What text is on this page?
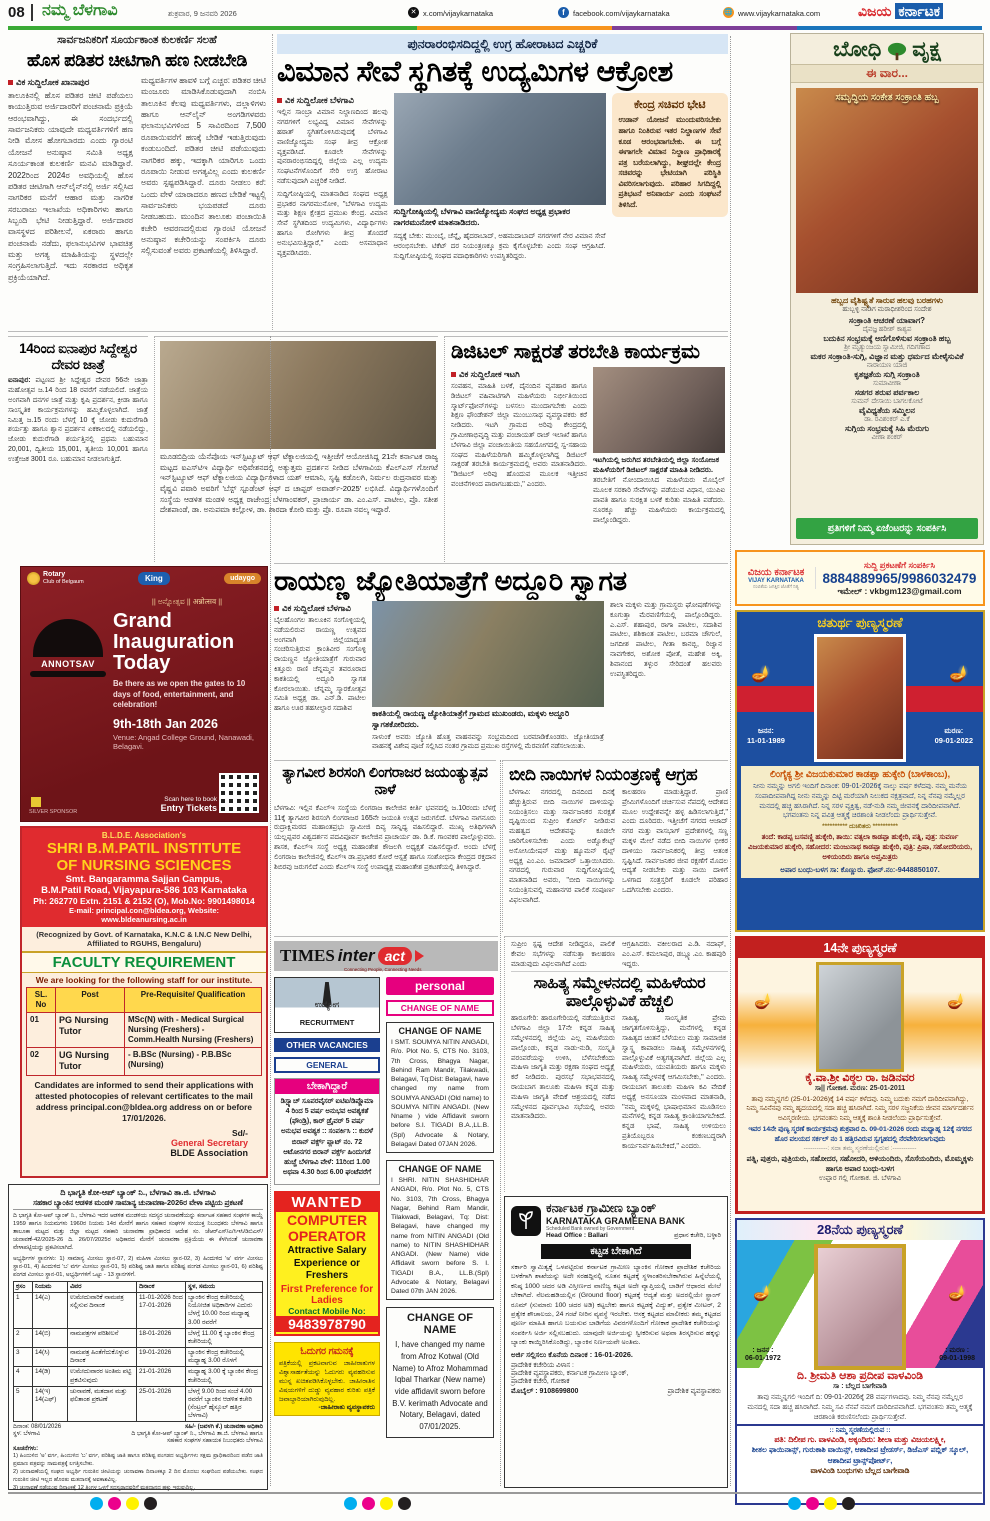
08	ನಮ್ಮ ಬೆಳಗಾವಿ	ಶುಕ್ರವಾರ, 9 ಜನವರಿ 2026	✕ x.com/vijaykarnataka	f	facebook.com/vijaykarnataka	🌐 www.vijaykarnataka.com	ವಿಜಯ ಕರ್ನಾಟಕ
ಸಾರ್ವಜನಿಕರಿಗೆ ಸೂರ್ಯಕಾಂತ ಕುಲಕರ್ಣಿ ಸಲಹೆ
ಹೊಸ ಪಡಿತರ ಚೀಟಿಗಾಗಿ ಹಣ ನೀಡಬೇಡಿ
ವಿಕ ಸುದ್ದಿಲೋಕ ಖಾನಾಪುರ
ತಾಲೂಕಿನಲ್ಲಿ ಹೊಸ ಪಡಿತರ ಚೀಟಿ ಪಡೆಯಲು ಕಾಯುತ್ತಿರುವ ಅರ್ಜಿದಾರರಿಗೆ ಪಂಚನಾಮೆ ಪ್ರಕ್ರಿಯೆ ಆರಂಭವಾಗಿದ್ದು, ಈ ಸಂದರ್ಭದಲ್ಲಿ ಸಾರ್ವಜನಿಕರು ಯಾವುದೇ ಮಧ್ಯವರ್ತಿಗಳಿಗೆ ಹಣ ನೀಡಿ ಮೋಸ ಹೋಗಬಾರದು ಎಂದು ಗ್ಯಾರಂಟಿ ಯೋಜನೆ ಅನುಷ್ಠಾನ ಸಮಿತಿ ಅಧ್ಯಕ್ಷ ಸೂರ್ಯಕಾಂತ ಕುಲಕರ್ಣಿ ಮನವಿ ಮಾಡಿದ್ದಾರೆ. 2022ರಿಂದ 2024ರ ಅವಧಿಯಲ್ಲಿ ಹೊಸ ಪಡಿತರ ಚೀಟಿಗಾಗಿ ಆನ್‌ಲೈನ್‌ನಲ್ಲಿ ಅರ್ಜಿ ಸಲ್ಲಿಸಿದ ನಾಗರಿಕರ ಮನೆಗೆ ಆಹಾರ ಮತ್ತು ನಾಗರಿಕ ಸರಬರಾಜು ಇಲಾಖೆಯ ಅಧಿಕಾರಿಗಳು ಹಾಗೂ ಸಿಬ್ಬಂದಿ ಭೇಟಿ ನೀಡುತ್ತಿದ್ದಾರೆ. ಅರ್ಜಿದಾರರ ವಾಸಸ್ಥಳದ ಪರಿಶೀಲನೆ, ಏಕರಾರು ಹಾಗೂ ಪಂಚನಾಮೆ ನಡೆದು, ಫಲಾನುಭವಿಗಳ ಭಾವಚಿತ್ರ ಮತ್ತು ಅಗತ್ಯ ಮಾಹಿತಿಯನ್ನು ಸ್ಥಳದಲ್ಲೇ ಸಂಗ್ರಹಿಸಲಾಗುತ್ತಿದೆ. ಇದು ಸರಕಾರದ ಅಧಿಕೃತ ಪ್ರಕ್ರಿಯೆಯಾಗಿದೆ.
ಮಧ್ಯವರ್ತಿಗಳ ಹಾವಳಿ ಬಗ್ಗೆ ಎಚ್ಚರ: ಪಡಿತರ ಚೀಟಿ ಮಂಜೂರು ಮಾಡಿಸಿಕೊಡುವುದಾಗಿ ನಂಬಿಸಿ ತಾಲೂಕಿನ ಕೆಲವು ಮಧ್ಯವರ್ತಿಗಳು, ದಲ್ಲಾಳಿಗಳು ಹಾಗೂ ಆನ್‌ಲೈನ್ ಅಂಗಡಿಗಳವರು ಫಲಾನುಭವಿಗಳಿಂದ 5 ಸಾವಿರದಿಂದ 7,500 ರೂಪಾಯಿವರೆಗೆ ಹಣಕ್ಕೆ ಬೇಡಿಕೆ ಇಡುತ್ತಿರುವುದು ಕಂಡುಬಂದಿದೆ. ಪಡಿತರ ಚೀಟಿ ಪಡೆಯುವುದು ನಾಗರಿಕರ ಹಕ್ಕು, ಇದಕ್ಕಾಗಿ ಯಾರಿಗೂ ಒಂದು ರೂಪಾಯಿ ನೀಡುವ ಅಗತ್ಯವಿಲ್ಲ ಎಂದು ಕುಲಕರ್ಣಿ ಅವರು ಸ್ಪಷ್ಟಪಡಿಸಿದ್ದಾರೆ. ದೂರು ನೀಡಲು ಕರೆ: ಒಂದು ವೇಳೆ ಯಾರಾದರೂ ಹಣದ ಬೇಡಿಕೆ ಇಟ್ಟಲ್ಲಿ ಸಾರ್ವಜನಿಕರು ಭಯಪಡದೆ ದೂರು ನೀಡಬಹುದು. ಮುಂದಿನ ತಾಲೂಕು ಪಂಚಾಯಿತಿ ಕಚೇರಿ ಆವರಣದಲ್ಲಿರುವ ಗ್ಯಾರಂಟಿ ಯೋಜನೆ ಅನುಷ್ಠಾನ ಕಚೇರಿಯನ್ನು ಸಂಪರ್ಕಿಸಿ ದೂರು ಸಲ್ಲಿಸುವಂತೆ ಅವರು ಪ್ರಕಟಣೆಯಲ್ಲಿ ತಿಳಿಸಿದ್ದಾರೆ.
ಪುನರಾರಂಭಿಸದಿದ್ದಲ್ಲಿ ಉಗ್ರ ಹೋರಾಟದ ಎಚ್ಚರಿಕೆ
ವಿಮಾನ ಸೇವೆ ಸ್ಥಗಿತಕ್ಕೆ ಉದ್ಯಮಿಗಳ ಆಕ್ರೋಶ
ವಿಕ ಸುದ್ದಿಲೋಕ ಬೆಳಗಾವಿ
ಇಲ್ಲಿನ ಸಾಂಬ್ರಾ ವಿಮಾನ ನಿಲ್ದಾಣದಿಂದ ಹಲವು ನಗರಗಳಿಗೆ ಲಭ್ಯವಿದ್ದ ವಿಮಾನ ಸೇವೆಗಳನ್ನು ಹಠಾತ್ ಸ್ಥಗಿತಗೊಳಿಸಿರುವುದಕ್ಕೆ ಬೆಳಗಾವಿ ವಾಣಿಜ್ಯೋದ್ಯಮ ಸಂಘ ತೀವ್ರ ಆಕ್ರೋಶ ವ್ಯಕ್ತಪಡಿಸಿದೆ. ಕೂಡಲೇ ಸೇವೆಗಳನ್ನು ಪುನರಾರಂಭಿಸದಿದ್ದಲ್ಲಿ ಜಿಲ್ಲೆಯ ಎಲ್ಲ ಉದ್ಯಮ ಸಂಘಟನೆಗಳೊಂದಿಗೆ ಸೇರಿ ಉಗ್ರ ಹೋರಾಟ ನಡೆಸುವುದಾಗಿ ಎಚ್ಚರಿಕೆ ನೀಡಿದೆ.
ಸುದ್ದಿಗೋಷ್ಠಿಯಲ್ಲಿ ಮಾತನಾಡಿದ ಸಂಘದ ಅಧ್ಯಕ್ಷ ಪ್ರಭಾಕರ ನಾಗರಮುನೋಳಿ, ''ಬೆಳಗಾವಿ ಉದ್ಯಮ ಮತ್ತು ಶಿಕ್ಷಣ ಕ್ಷೇತ್ರದ ಪ್ರಮುಖ ಕೇಂದ್ರ. ವಿಮಾನ ಸೇವೆ ಸ್ಥಗಿತದಿಂದ ಉದ್ಯಮಿಗಳು, ವಿದ್ಯಾರ್ಥಿಗಳು ಹಾಗೂ ರೋಗಿಗಳು ತೀವ್ರ ತೊಂದರೆ ಅನುಭವಿಸುತ್ತಿದ್ದಾರೆ,'' ಎಂದು ಅಸಮಾಧಾನ ವ್ಯಕ್ತಪಡಿಸಿದರು.
ಸುದ್ದಿಗೋಷ್ಠಿಯಲ್ಲಿ ಬೆಳಗಾವಿ ವಾಣಿಜ್ಯೋದ್ಯಮ ಸಂಘದ ಅಧ್ಯಕ್ಷ ಪ್ರಭಾಕರ ನಾಗರಮುನೋಳಿ ಮಾತನಾಡಿದರು.
ಸದ್ಯಕ್ಕೆ ಬೇಕು: ಮುಂಬೈ, ಚೆನ್ನೈ, ಹೈದರಾಬಾದ್, ಅಹಮದಾಬಾದ್ ನಗರಗಳಿಗೆ ನೇರ ವಿಮಾನ ಸೇವೆ ಆರಂಭಿಸಬೇಕು. ಟಿಕೆಟ್ ದರ ನಿಯಂತ್ರಣಕ್ಕೂ ಕ್ರಮ ಕೈಗೊಳ್ಳಬೇಕು ಎಂದು ಸಂಘ ಆಗ್ರಹಿಸಿದೆ. ಸುದ್ದಿಗೋಷ್ಠಿಯಲ್ಲಿ ಸಂಘದ ಪದಾಧಿಕಾರಿಗಳು ಉಪಸ್ಥಿತರಿದ್ದರು.
ಕೇಂದ್ರ ಸಚಿವರ ಭೇಟಿ
ಉಡಾನ್ ಯೋಜನೆ ಮುಂದುವರಿಸಬೇಕು ಹಾಗೂ ನಿಂತಿರುವ ಇತರ ನಿಲ್ದಾಣಗಳ ಸೇವೆ ಕೂಡ ಆರಂಭವಾಗಬೇಕು. ಈ ಬಗ್ಗೆ ಈಗಾಗಲೇ ವಿಮಾನ ನಿಲ್ದಾಣ ಪ್ರಾಧಿಕಾರಕ್ಕೆ ಪತ್ರ ಬರೆಯಲಾಗಿದ್ದು, ಶೀಘ್ರದಲ್ಲೇ ಕೇಂದ್ರ ಸಚಿವರನ್ನು ಭೇಟಿಯಾಗಿ ಪರಿಸ್ಥಿತಿ ವಿವರಿಸಲಾಗುವುದು. ಪರಿಹಾರ ಸಿಗದಿದ್ದಲ್ಲಿ ಪ್ರತಿಭಟನೆ ಅನಿವಾರ್ಯ ಎಂದು ಸಂಘಟನೆ ತಿಳಿಸಿದೆ.
ಬೋಧಿ ವೃಕ್ಷ
ಈ ವಾರ...
ಸಮೃದ್ಧಿಯ ಸಂಕೇತ ಸಂಕ್ರಾಂತಿ ಹಬ್ಬ
ಹಬ್ಬದ ವೈಶಿಷ್ಟ್ಯತೆ ಸಾರುವ ಹಲವು ಬರಹಗಳು
ಹುಬ್ಬಳ್ಳಿ ನಾಡಿಗ ಮಠಾಧೀಶರಿಂದ ಸಂದೇಶ
ಸಂಕ್ರಾಂತಿ ಆಚರಣೆ ಯಾವಾಗ?
ದೈವಜ್ಞ ಹರೀಶ್ ಕಾಶ್ಯಪ
ಬದುಕಿನ ಸಂಭ್ರಮಕ್ಕೆ ಅಣಿಗೊಳಿಸುವ ಸಂಕ್ರಾಂತಿ ಹಬ್ಬ
ಶ್ರೀ ಮೃತ್ಯುಂಜಯ ಸ್ವಾಮೀಜಿ, ಗದಿಗಣಾದ
ಮಕರ ಸಂಕ್ರಾಂತಿ-ಸುಗ್ಗಿ, ವಿಜ್ಞಾನ ಮತ್ತು ಧರ್ಮದ ಮೇಳೈಸುವಿಕೆ
ನಾರಾಯಣ ಯಾಜಿ
ಕೃತಜ್ಞತೆಯ ಸುಗ್ಗಿ ಸಂಕ್ರಾಂತಿ
ಸುಮಾವೀಣಾ
ಸಡಗರ ತರುವ ಪರ್ವಕಾಲ
ಸುಮನ್ ದೇಸಾಯಿ ಬಾಗಲಕೋಟೆ
ವೈವಿಧ್ಯತೆಯ ಸಮ್ಮಿಲನ
ಡಾ. ರವಿಶಂಕರ್ ಎ.ಕೆ
ಸುಗ್ಗಿಯ ಸಂಭ್ರಮಕ್ಕೆ ಸಿಹಿ ಮೆರುಗು
ವೀಣಾ ಶಂಕರ್
ಪ್ರತಿಗಳಿಗೆ ನಿಮ್ಮ ಏಜೆಂಟರನ್ನು ಸಂಪರ್ಕಿಸಿ
14ರಿಂದ ಐನಾಪುರ ಸಿದ್ದೇಶ್ವರ ದೇವರ ಜಾತ್ರೆ
ಐನಾಪುರ: ಪಟ್ಟಣದ ಶ್ರೀ ಸಿದ್ದೇಶ್ವರ ದೇವರ 56ನೇ ಜಾತ್ರಾ ಮಹೋತ್ಸವ ಜ.14 ರಿಂದ 18 ರವರೆಗೆ ನಡೆಯಲಿದೆ. ಜಾತ್ರೆಯ ಅಂಗವಾಗಿ ದನಗಳ ಜಾತ್ರೆ ಮತ್ತು ಕೃಷಿ ಪ್ರದರ್ಶನ, ಕ್ರೀಡಾ ಹಾಗೂ ಸಾಂಸ್ಕೃತಿಕ ಕಾರ್ಯಕ್ರಮಗಳನ್ನು ಹಮ್ಮಿಕೊಳ್ಳಲಾಗಿದೆ. ಜಾತ್ರೆ ನಿಮಿತ್ತ ಜ.15 ರಂದು ಬೆಳಗ್ಗೆ 10 ಕ್ಕೆ ಜೋಡು ಕುದುರೆಗಾಡಿ ಶರ್ಯತ್ತು ಹಾಗೂ ಶ್ವಾನ ಪ್ರದರ್ಶನ ಏಕಕಾಲದಲ್ಲಿ ನಡೆಯಲಿದ್ದು, ಜೋಡು ಕುದುರೆಗಾಡಿ ಶರ್ಯತ್ತಿನಲ್ಲಿ ಪ್ರಥಮ ಬಹುಮಾನ 20,001, ದ್ವಿತೀಯ 15,001, ತೃತೀಯ 10,001 ಹಾಗೂ ಉತ್ತೇಜಕ 3001 ರೂ. ಬಹುಮಾನ ನೀಡಲಾಗುತ್ತಿದೆ.	ಮೂಡಬಿದ್ರಿಯ ಯೆನೆಪೊಯ ಇನ್‌ಸ್ಟಿಟ್ಯೂಟ್ ಆಫ್ ಟೆಕ್ನಾಲಜಿಯಲ್ಲಿ ಇತ್ತೀಚೆಗೆ ಆಯೋಜಿಸಿದ್ದ 21ನೇ ಕರ್ನಾಟಕ ರಾಜ್ಯ ಮಟ್ಟದ ಐಎಸ್‌ಟಿಇ ವಿದ್ಯಾರ್ಥಿ ಅಧಿವೇಶನದಲ್ಲಿ ಅತ್ಯುತ್ತಮ ಪ್ರದರ್ಶನ ನೀಡಿದ ಬೆಳಗಾವಿಯ ಕೆಎಲ್‌ಎಸ್ ಗೋಗಟೆ ಇನ್‌ಸ್ಟಿಟ್ಯೂಟ್ ಆಫ್ ಟೆಕ್ನಾಲಜಿಯ ವಿದ್ಯಾರ್ಥಿಗಳಾದ ಯಶ್ ಆಮಾನಿ, ಸೃಷ್ಟಿ ಕಡೊಲಗಿ, ನಿರ್ಮಲ ರುದ್ರನಾವರ ಮತ್ತು ವೈಷ್ಣವಿ ಪವಾರಿ ಅವರಿಗೆ 'ಬೆಸ್ಟ್ ಸ್ಟೂಡೆಂಟ್ ಆಫ್ ದ ಚಾಪ್ಟರ್ ಅವಾರ್ಡ್-2025' ಲಭಿಸಿದೆ. ವಿದ್ಯಾರ್ಥಿಗಳೊಂದಿಗೆ ಸಂಸ್ಥೆಯ ಆಡಳಿತ ಮಂಡಳಿ ಅಧ್ಯಕ್ಷ ರಾಜೇಂದ್ರ ಬೆಳಗಾಂವಕರ್, ಪ್ರಾಚಾರ್ಯ ಡಾ. ಎಂ.ಎಸ್. ಪಾಟೀಲ, ಪ್ರೊ. ಸತೀಶ ದೇಶಪಾಂಡೆ, ಡಾ. ಅನುಪಮಾ ಕಲ್ಲೋಳ, ಡಾ. ಶಾರದಾ ಕೋರಿ ಮತ್ತು ಪ್ರೊ. ರೂಪಾ ನವಲ್ಕ ಇದ್ದಾರೆ.
ಡಿಜಿಟಲ್ ಸಾಕ್ಷರತೆ ತರಬೇತಿ ಕಾರ್ಯಕ್ರಮ
ವಿಕ ಸುದ್ದಿಲೋಕ ಇಟಗಿ
ಸಂವಹನ, ಮಾಹಿತಿ ಬಳಕೆ, ದೈನಂದಿನ ವ್ಯವಹಾರ ಹಾಗೂ ಡಿಜಿಟಲ್ ವಹಿವಾಟಿಗಾಗಿ ಮಹಿಳೆಯರು ನಿರ್ಭೀತಿಯಿಂದ ಸ್ಮಾರ್ಟ್‌ಫೋನ್‌ಗಳನ್ನು ಬಳಸಲು ಮುಂದಾಗಬೇಕು ಎಂದು ಶಿಕ್ಷಣ ಫೌಂಡೇಶನ್ ಜಿಲ್ಲಾ ಮುಂಬುಸಾಥ ವ್ಯವಸ್ಥಾಪಕರು ಕರೆ ನೀಡಿದರು. ಇಟಗಿ ಗ್ರಾಮದ ಅರಿವು ಕೇಂದ್ರದಲ್ಲಿ ಗ್ರಾಮೀಣಾಭಿವೃದ್ಧಿ ಮತ್ತು ಪಂಚಾಯತ್ ರಾಜ್ ಇಲಾಖೆ ಹಾಗೂ ಬೆಳಗಾವಿ ಜಿಲ್ಲಾ ಪಂಚಾಯಿತಿಯ ಸಹಯೋಗದಲ್ಲಿ ಸ್ವ-ಸಹಾಯ ಸಂಘದ ಮಹಿಳೆಯರಿಗಾಗಿ ಹಮ್ಮಿಕೊಳ್ಳಲಾಗಿದ್ದ ಡಿಜಿಟಲ್ ಸಾಕ್ಷರತೆ ತರಬೇತಿ ಕಾರ್ಯಕ್ರಮದಲ್ಲಿ ಅವರು ಮಾತನಾಡಿದರು. ''ಡಿಜಿಟಲ್ ಅರಿವು ಹೊಂದುವ ಮೂಲಕ ಇತ್ತೀಚಿನ ವಂಚನೆಗಳಿಂದ ಪಾರಾಗಬಹುದು,'' ಎಂದರು.
ಇಟಗಿಯಲ್ಲಿ ಜರುಗಿದ ತರಬೇತಿಯಲ್ಲಿ ಜಿಲ್ಲಾ ಸಂಯೋಜಕ ಮಹಿಳೆಯರಿಗೆ ಡಿಜಿಟಲ್ ಸಾಕ್ಷರತೆ ಮಾಹಿತಿ ನೀಡಿದರು.
ತರಬೇತಿಗೆ ನೋಂದಾಯಿಸಿದ ಮಹಿಳೆಯರು ಮೊಬೈಲ್ ಮೂಲಕ ಸರಕಾರಿ ಸೇವೆಗಳನ್ನು ಪಡೆಯುವ ವಿಧಾನ, ಯುಪಿಐ ಪಾವತಿ ಹಾಗೂ ಸುರಕ್ಷಿತ ಬಳಕೆ ಕುರಿತು ಮಾಹಿತಿ ಪಡೆದರು. ನೂರಕ್ಕೂ ಹೆಚ್ಚು ಮಹಿಳೆಯರು ಕಾರ್ಯಕ್ರಮದಲ್ಲಿ ಪಾಲ್ಗೊಂಡಿದ್ದರು.
Rotary
Club of Belgaum	King	udaygo
ANNOTSAV
|| ಅನ್ನೋತ್ಸವ || अन्नोत्सव ||
Grand Inauguration Today
Be there as we open the gates to 10 days of food, entertainment, and celebration!
9th-18th Jan 2026
Venue: Angad College Ground, Nanawadi, Belagavi.
SILVER SPONSOR
Scan here to book
Entry Tickets
ರಾಯಣ್ಣ ಜ್ಯೋತಿಯಾತ್ರೆಗೆ ಅದ್ದೂರಿ ಸ್ವಾಗತ
ವಿಕ ಸುದ್ದಿಲೋಕ ಬೆಳಗಾವಿ
ಬೈಲಹೊಂಗಲ ತಾಲೂಕಿನ ಸಂಗೊಳ್ಳಿಯಲ್ಲಿ ನಡೆಯಲಿರುವ ರಾಯಣ್ಣ ಉತ್ಸವದ ಅಂಗವಾಗಿ ಜಿಲ್ಲೆಯಾದ್ಯಂತ ಸಂಚರಿಸುತ್ತಿರುವ ಕ್ರಾಂತಿವೀರ ಸಂಗೊಳ್ಳಿ ರಾಯಣ್ಣನ ಜ್ಯೋತಿಯಾತ್ರೆಗೆ ಗುರುವಾರ ಕಿತ್ತೂರು ರಾಣಿ ಚೆನ್ನಮ್ಮನ ತವರೂರಾದ ಕಾಕತಿಯಲ್ಲಿ ಅದ್ದೂರಿ ಸ್ವಾಗತ ಕೋರಲಾಯಿತು. ಚೆನ್ನಮ್ಮ ಸ್ಮಾರಕೋತ್ಸವ ಸಮಿತಿ ಅಧ್ಯಕ್ಷ ಡಾ. ಎನ್.ಡಿ. ಪಾಟೀಲ ಹಾಗೂ ಊರ ತಹಸೀಲ್ದಾರ ಸದಾಶಿವ
ಕಾಕತಿಯಲ್ಲಿ ರಾಯಣ್ಣ ಜ್ಯೋತಿಯಾತ್ರೆಗೆ ಗ್ರಾಮದ ಮುಖಂಡರು, ಮಕ್ಕಳು ಅದ್ದೂರಿ ಸ್ವಾಗತಕೋರಿದರು.
ಸಾಳುಂಕೆ ಅವರು ಜ್ಯೋತಿ ಹೊತ್ತ ವಾಹನವನ್ನು ಸಂಭ್ರಮದಿಂದ ಬರಮಾಡಿಕೊಂಡರು. ಜ್ಯೋತಿಯಾತ್ರೆ ವಾಹನಕ್ಕೆ ವಿಶೇಷ ಪೂಜೆ ಸಲ್ಲಿಸಿದ ನಂತರ ಗ್ರಾಮದ ಪ್ರಮುಖ ರಸ್ತೆಗಳಲ್ಲಿ ಮೆರವಣಿಗೆ ನಡೆಸಲಾಯಿತು.
ಶಾಲಾ ಮಕ್ಕಳು ಮತ್ತು ಗ್ರಾಮಸ್ಥರು ಘೋಷಣೆಗಳನ್ನು ಕೂಗುತ್ತಾ ಮೆರವಣಿಗೆಯಲ್ಲಿ ಪಾಲ್ಗೊಂಡಿದ್ದರು. ಎ.ಎಸ್. ಶಹಾಪುರ, ರಾಗಾ ಪಾಟೀಲ, ಸದಾಶಿವ ಪಾಟೀಲ, ಶಶಿಕಾಂತ ಪಾಟೀಲ, ಬರಮಾ ಚೌಗುಲೆ, ಜಗದೀಶ ಪಾಟೀಲ, ಗೀತಾ ಕಾನಬ್ಬಿ, ರಿಜ್ವಾನ ನಾವಗೇಕರ, ಅಶೋಕ ಪೋತೆ, ಮಹೇಶ ಅಕ್ಕಿ, ಶಿವಾನಂದ ತಳ್ಳುರ ಸೇರಿದಂತೆ ಹಲವರು ಉಪಸ್ಥಿತರಿದ್ದರು.
ತ್ಯಾಗವೀರ ಶಿರಸಂಗಿ ಲಿಂಗರಾಜರ ಜಯಂತ್ಯುತ್ಸವ ನಾಳೆ
ಬೆಳಗಾವಿ: ಇಲ್ಲಿನ ಕೆಎಲ್‌ಇ ಸಂಸ್ಥೆಯ ಲಿಂಗರಾಜ ಕಾಲೇಜಿನ ಕೀರ್ತಿ ಭವನದಲ್ಲಿ ಜ.10ರಂದು ಬೆಳಗ್ಗೆ 11ಕ್ಕೆ ತ್ಯಾಗವೀರ ಶಿರಸಂಗಿ ಲಿಂಗರಾಜರ 165ನೇ ಜಯಂತಿ ಉತ್ಸವ ಜರುಗಲಿದೆ. ಬೆಳಗಾವಿ ನಾಗನೂರು ರುದ್ರಾಕ್ಷಿಮಠದ ಮಹಾಂತಪ್ರಭು ಸ್ವಾಮೀಜಿ ದಿವ್ಯ ಸಾನ್ನಿಧ್ಯ ವಹಿಸಲಿದ್ದಾರೆ. ಮುಖ್ಯ ಅತಿಥಿಗಳಾಗಿ ಯಲ್ಲಪ್ಪವರ ವಿಶ್ವದರ್ಶನ ಪದವಿಪೂರ್ವ ಕಾಲೇಜಿನ ಪ್ರಾಚಾರ್ಯ ಡಾ. ಡಿ.ಕೆ. ಗಾಂವಕರ ಪಾಲ್ಗೊಳ್ಳುವರು. ಶಾಸಕ, ಕೆಎಲ್‌ಇ ಸಂಸ್ಥೆ ಅಧ್ಯಕ್ಷ ಮಹಾಂತೇಶ ಕೌಜಲಗಿ ಅಧ್ಯಕ್ಷತೆ ವಹಿಸಲಿದ್ದಾರೆ. ಅಂದು ಬೆಳಗ್ಗೆ ಲಿಂಗರಾಜ ಕಾಲೇಜಿನಲ್ಲಿ ಕೆಎಲ್‌ಇ ಡಾ.ಪ್ರಭಾಕರ ಕೋರೆ ಆಸ್ಪತ್ರೆ ಹಾಗೂ ಸಂಶೋಧನಾ ಕೇಂದ್ರದ ರಕ್ತದಾನ ಶಿಬಿರವು ಜರುಗಲಿದೆ ಎಂದು ಕೆಎಲ್‌ಇ ಸಂಸ್ಥೆ ಉಪಾಧ್ಯಕ್ಷ ಮಹಾಂತೇಶ ಪ್ರಕಟಣೆಯಲ್ಲಿ ತಿಳಿಸಿದ್ದಾರೆ.
ಬೀದಿ ನಾಯಿಗಳ ನಿಯಂತ್ರಣಕ್ಕೆ ಆಗ್ರಹ
ಬೆಳಗಾವಿ: ನಗರದಲ್ಲಿ ದಿನದಿಂದ ದಿನಕ್ಕೆ ಹೆಚ್ಚುತ್ತಿರುವ ಬೀದಿ ನಾಯಿಗಳ ದಾಳಿಯನ್ನು ನಿಯಂತ್ರಿಸಲು ಮತ್ತು ಸಾರ್ವಜನಿಕರ ಸುರಕ್ಷತೆ ದೃಷ್ಟಿಯಿಂದ ಸುಪ್ರೀಂ ಕೋರ್ಟ್ ನೀಡಿರುವ ಮಹತ್ವದ ಆದೇಶವನ್ನು ಕೂಡಲೇ ಜಾರಿಗೊಳಿಸಬೇಕು ಎಂದು ಅಡ್ವೊಕೇಟ್ಸ್ ಅಸೋಸಿಯೇಷನ್ ಮತ್ತು ಹ್ಯೂಮನ್ ರೈಟ್ಸ್ ಅಧ್ಯಕ್ಷ ಎಂ.ಎಂ. ಜಮಾದಾರ್ ಒತ್ತಾಯಿಸಿದರು. ನಗರದಲ್ಲಿ ಗುರುವಾರ ಸುದ್ದಿಗೋಷ್ಠಿಯಲ್ಲಿ ಮಾತನಾಡಿದ ಅವರು, ''ಬೀದಿ ನಾಯಿಗಳನ್ನು ನಿಯಂತ್ರಿಸುವಲ್ಲಿ ಮಹಾನಗರ ಪಾಲಿಕೆ ಸಂಪೂರ್ಣ ವಿಫಲವಾಗಿದೆ.
ಕಾಲಹರಣ ಮಾಡುತ್ತಿದ್ದಾರೆ. ಪ್ರಾಣಿ ಪ್ರೇಮಿಗಳೊಂದಿಗೆ ಚರ್ಚಿಸುವ ನೆಪದಲ್ಲಿ ಆದೇಶದ ಮೂಲ ಉದ್ದೇಶವನ್ನೇ ಹಳ್ಳ ಹಿಡಿಸಲಾಗುತ್ತಿದೆ,'' ಎಂದು ದೂರಿದರು. ಇತ್ತೀಚೆಗೆ ನಗರದ ಆಜಾದ್ ನಗರ ಮತ್ತು ವಾಸಭಾಗ್ ಪ್ರದೇಶಗಳಲ್ಲಿ ಸಣ್ಣ ಮಕ್ಕಳ ಮೇಲೆ ನಡೆದ ಬೀದಿ ನಾಯಿಗಳ ಭೀಕರ ದಾಳಿಯು ಸಾರ್ವಜನಿಕರಲ್ಲಿ ತೀವ್ರ ಆತಂಕ ಸೃಷ್ಟಿಸಿದೆ. ಸಾರ್ವಜನಿಕರ ಜೀವ ರಕ್ಷಣೆಗೆ ಮೊದಲ ಆದ್ಯತೆ ನೀಡಬೇಕು ಮತ್ತು ನಾಯಿ ದಾಳಿಗೆ ಒಳಗಾದ ಸಂತ್ರಸ್ತರಿಗೆ ಕೂಡಲೇ ಪರಿಹಾರ ಒದಗಿಸಬೇಕು ಎಂದರು.
B.L.D.E. Association's
SHRI B.M.PATIL INSTITUTE
OF NURSING SCIENCES
Smt. Bangaramma Sajjan Campus,
B.M.Patil Road, Vijayapura-586 103 Karnataka
Ph: 262770 Extn. 2151 & 2152 (O), Mob.No: 9901498014
E-mail: principal.con@bldea.org, Website: www.bldeanursing.ac.in
(Recognized by Govt. of Karnataka, K.N.C & I.N.C New Delhi, Affiliated to RGUHS, Bengaluru)
FACULTY REQUIREMENT
We are looking for the following staff for our institute.
SL. No	Post	Pre-Requisite/ Qualification
01	PG Nursing Tutor	MSc(N) with - Medical Surgical Nursing (Freshers) - Comm.Health Nursing (Freshers)
02	UG Nursing Tutor	- B.BSc (Nursing) - P.B.BSc (Nursing)
Candidates are informed to send their applications with attested photocopies of relevant certificates to the mail address principal.con@bldea.org address on or before 17/01/2026.
Sd/-
General Secretary
BLDE Association
ವಿಜಯ ಕರ್ನಾಟಕ
VIJAY KARNATAKA
ನಂಬಿಕೆಯ ಜಗತ್ತಿನ ಜೊತೆಗೆ ನಿತ್ಯ
ಸುದ್ದಿ ಪ್ರಕಟಣೆಗೆ ಸಂಪರ್ಕಿಸಿ
8884889965/9986032479
ಇಮೇಲ್ : vkbgm123@gmail.com
ಚತುರ್ಥ ಪುಣ್ಯಸ್ಮರಣೆ
🪔	🪔
ಜನನ:
11-01-1989
ಮರಣ:
09-01-2022
ಲಿಂಗೈಕ್ಯ ಶ್ರೀ ವಿಜಯಕುಮಾರ ಕಾಡಪ್ಪಾ ಹುಕ್ಕೇರಿ (ಬಾಳಕಾಂಬ),
ನೀನು ನಮ್ಮನ್ನು ಅಗಲಿ ಇಂದಿಗೆ ದಿನಾಂಕ: 09-01-2026ಕ್ಕೆ ನಾಲ್ಕು ವರ್ಷ ಕಳೆದವು. ನಮ್ಮ ಮನೆಯ ಸಂಪಾದೀಪವಾಗಿದ್ದ ನೀನು ನಮ್ಮನ್ನು ದಿಟ್ಟಿ ಮರೆಯಾಗಿ ನಿಲುಕದ ನಕ್ಷತ್ರವಾದೆ, ನಿನ್ನ ನೆನಪು ನಮ್ಮೆಲ್ಲರ ಮನದಲ್ಲಿ ಹಚ್ಚ ಹಸಿರಾಗಿದೆ. ನಿನ್ನ ಸರಳ ವ್ಯಕ್ತಿತ್ವ, ನಡೆ-ನುಡಿ ನಮ್ಮ ಜೀವನಕ್ಕೆ ದಾರಿದೀಪವಾಗಿದೆ. ಭಗವಂತನು ನಿನ್ನ ಪವಿತ್ರ ಆತ್ಮಕ್ಕೆ ಚಿರಶಾಂತಿ ನೀಡಲೆಂದು ಪ್ರಾರ್ಥಿಸುತ್ತೇವೆ.
********** ದುಃಖಿತರು **********
ತಂದೆ: ಕಾಡಪ್ಪ ಬಸವಣ್ಣಿ ಹುಕ್ಕೇರಿ, ತಾಯಿ: ವತ್ಸಲಾ ಕಾಡಪ್ಪಾ ಹುಕ್ಕೇರಿ, ಪತ್ನಿ, ಪುತ್ರ: ಸುವರ್ಣ ವಿಜಯಕುಮಾರ ಹುಕ್ಕೇರಿ, ಸಹೋದರ: ಮಂಜುನಾಥ ಕಾಡಪ್ಪಾ ಹುಕ್ಕೇರಿ, ಪುತ್ರಿ: ಪ್ರಿಷಾ, ಸಹೋದರಿಯರು, ಅಳಿಯಂದಿರು ಹಾಗೂ ಅಪ್ತಮಿತ್ರರು
ಅಪಾರ ಬಂಧು-ಬಳಗ ಸಾ: ಕೊಣ್ಣುರು. ಫೋನ್.ನಂ:-9448850107.
14ನೇ ಪುಣ್ಯಸ್ಮರಣೆ
🪔	🪔
ಕೈ.ವಾ.ಶ್ರೀ ವಿಠ್ಠಲ ರಾ. ಜಡಿನವರ
ಸಾ|| ಗೋಕಾಕ. ಮರಣ: 25-01-2011
ತಾವು ನಮ್ಮನ್ನಗಲಿ (25-01-2026)ಕ್ಕೆ 14 ವರ್ಷ ಕಳೆದವು. ನಿಮ್ಮ ಬದುಕು ನಮಗೆ ದಾರಿದೀಪವಾಗಿದ್ದು, ನಿಮ್ಮ ಸವಿನೆನಪು ನಮ್ಮ ಹೃದಯದಲ್ಲಿ ಸದಾ ಹಚ್ಚ ಹಸಿರಾಗಿದೆ. ನಿಮ್ಮ ಸರಳ ಸಜ್ಜನಿಕೆಯ ಜೀವನ ಮಾರ್ಗದರ್ಶನ ಅವಿಸ್ಮರಣೀಯ. ಭಗವಂತನು ನಿಮ್ಮ ಆತ್ಮಕ್ಕೆ ಶಾಂತಿ ನೀಡಲೆಂದು ಪ್ರಾರ್ಥಿಸುತ್ತೇವೆ.
ಇವರ 14ನೇ ಪುಣ್ಯ ಸ್ಮರಣೆ ಕಾರ್ಯಕ್ರಮವು ಶುಕ್ರವಾರ ದಿ. 09-01-2026 ರಂದು ಮಧ್ಯಾಹ್ನ 12ಕ್ಕೆ ನಗರದ ಹೊರ ವಲಯದ ಸರ್ಕಲ್ ನಂ 1 ಹತ್ತಿರವಿರುವ ಸ್ವಗೃಹದಲ್ಲಿ ನೆರವೇರಿಸಲಾಗುವುದು
-----------: ಸದಾ ತಮ್ಮ ಸ್ಮರಣೆಯಲ್ಲಿರುವ :-----------
ಪತ್ನಿ, ಪುತ್ರರು, ಪುತ್ರಿಯರು, ಸಹೋದರ, ಸಹೋದರಿ, ಅಳಿಯಂದಿರು, ಸೊಸೆಯಂದಿರು, ಮೊಮ್ಮಕ್ಕಳು ಹಾಗೂ ಅಪಾರ ಬಂಧು-ಬಳಗ
ಉಪ್ಪಾರ ಗಲ್ಲಿ ಗೋಕಾಕ. ಜಿ. ಬೆಳಗಾವಿ
28ನೆಯ ಪುಣ್ಯಸ್ಮರಣೆ
🪔	🪔
: ಜನನ :
06-01-1972
: ಮರಣ :
09-01-1998
ದಿ. ಶ್ರೀಮತಿ ಆಶಾ ಪ್ರದೀಪ ವಾಳವಿಂಡಿ
ಸಾ : ಬೆಲ್ಲದ ಬಾಗೇವಾಡಿ
ತಾವು ನಮ್ಮನ್ನಗಲಿ ಇಂದಿಗೆ ದಿ: 09-01-2026ಕ್ಕೆ 28 ವರ್ಷಗಳಾದವು. ನಿಮ್ಮ ನೆನಪು ನಮ್ಮೆಲ್ಲರ ಮನದಲ್ಲಿ ಸದಾ ಹಚ್ಚ ಹಸಿರಾಗಿದೆ. ನಿಮ್ಮ ಸವಿ ನೆನಪೆ ನಮಗೆ ದಾರಿದೀಪವಾಗಿದೆ. ಭಗವಂತನು ತಮ್ಮ ಆತ್ಮಕ್ಕೆ ಚಿರಶಾಂತಿ ಕರುಣಿಸಲೆಂದು ಪ್ರಾರ್ಥಿಸುತ್ತೇವೆ.
:: ನಿಮ್ಮ ಸ್ಮರಣೆಯಲ್ಲಿರುವ ::
ಪತಿ: ದಿಲೀಪ ಗು. ವಾಳವಿಂಡಿ, ಅಕ್ಕಂದಿರು: ಶೀಲಾ ಮತ್ತು ವಿಜಯಲಕ್ಷ್ಮೀ,
ಶೀತಲ ಫಾಯಿನಾನ್ಸ್, ಗುರುಕಾಶಿ ವಾಯಿನ್ಸ್, ಆಶಾದೀಪ ಟ್ರೇಡರ್ಸ್, ಡಿಜೆಎಸ್ ಪಬ್ಲಿಕ್ ಸ್ಕೂಲ್, ಆಶಾದೀಪ ಟ್ರಾನ್ಸ್‌ಪೋರ್ಟ್,
ವಾಳವಿಂಡಿ ಬಂಧುಗಳು ಬೆಲ್ಲದ ಬಾಗೇವಾಡಿ
TIMES inter act
Connecting People, Connecting Needs
ಉದ್ಯೋಗ
RECRUITMENT
OTHER VACANCIES
GENERAL
ಬೇಕಾಗಿದ್ದಾರೆ
ಡಿಸ್ಪ್ಯಾಚ್ ಸೂಪರವೈಸರ್ ಐಟಿಐ/ಡಿಪ್ಲೊಮಾ 4 ರಿಂದ 5 ವರ್ಷ ಅನುಭವ ಅವಶ್ಯಕತೆ (ಫೌಂಡ್ರಿ), ಕಾರ್ ಡ್ರೈವರ್ 5 ವರ್ಷ ಅನುಭವ ಅವಶ್ಯಕ :: ಸಂಪರ್ಕಿಸಿ :: ಕುದಳೆ ಬಿರಾನ್ ವರ್ಕ್ಸ್ ಪ್ಲಾಟ್ ನಂ. 72 ಆಟೋನಗರ ಬಿರಾನ್ ವರ್ಕ್ಸ್ ಹಿಂದುಗಡೆ ಹುಚ್ಚೆ ಬೆಳಗಾವಿ ವೇಳೆ: 11ರಿಂದ 1.00 ಅಥವಾ 4.30 ರಿಂದ 6.00 ಘಂಟೆವರೆಗೆ
WANTED
COMPUTER
OPERATOR
Attractive Salary Experience or Freshers
First Preference for Ladies
Contact Mobile No:
9483978790
ಓದುಗರ ಗಮನಕ್ಕೆ
ಪತ್ರಿಕೆಯಲ್ಲಿ ಪ್ರಕಟವಾಗುವ ಜಾಹೀರಾತುಗಳ ವಿಶ್ವಾಸಾರ್ಹತೆಯನ್ನು ಓದುಗರು ವ್ಯವಹರಿಸುವ ಮುನ್ನ ಖಚಿತಪಡಿಸಿಕೊಳ್ಳಬೇಕು. ಜಾಹೀರಾತಿನ ವಿಷಯಗಳಿಗೆ ದುಡ್ಡು ವ್ಯವಹಾರ ಕುರಿತು ಪತ್ರಿಕೆ ಜವಾಬ್ದಾರಿಯಾಗಿರುವುದಿಲ್ಲ.
-ಜಾಹೀರಾತು ವ್ಯವಸ್ಥಾಪಕರು
personal
CHANGE OF NAME
CHANGE OF NAME
I SMT. SOUMYA NITIN ANGADI, R/o. Plot No. 5, CTS No. 3103, 7th Cross, Bhagya Nagar, Behind Ram Mandir, Tilakwadi, Belagavi, Tq:Dist: Belagavi, have changed my name from SOUMYA ANGADI (Old name) to SOUMYA NITIN ANGADI. (New Nname ) vide Affidavit sworn before S.I. TIGADI B.A.,LL.B.(Spl) Advocate & Notary, Belagavi Dated 07JAN 2026.
CHANGE OF NAME
I SHRI. NITIN SHASHIDHAR ANGADI, R/o. Plot No. 5, CTS No. 3103, 7th Cross, Bhagya Nagar, Behind Ram Mandir, Tilakwadi, Belagavi, Tq: Dist: Belagavi, have changed my name from NITIN ANGADI (Old name) to NITIN SHASHIDHAR ANGADI. (New Name) vide Affidavit sworn before S. I. TIGADI B.A., LL.B.(Spl) Advocate & Notary, Belagavi Dated 07th JAN 2026.
CHANGE OF NAME
I, have changed my name from Afroz Kotwal (Old Name) to Afroz Mohammad Iqbal Tharkar (New name) vide affidavit sworn before B.V. kerimath Advocate and Notary, Belagavi, dated 07/01/2025.
ಸುಪ್ರೀಂ ಸ್ಪಷ್ಟ ಆದೇಶ ನೀಡಿದ್ದರೂ, ಪಾಲಿಕೆ ಕೇವಲ ಸಭೆಗಳನ್ನು ನಡೆಸುತ್ತಾ ಕಾಲಹರಣ ಮಾಡುವುದು ವಿಫಲವಾಗಿದೆ ಎಂದು
ಆಗ್ರಹಿಸಿದರು. ವಕೀಲರಾದ ಎ.ಡಿ. ನದಾಫ್, ಎಂ.ಎಸ್. ಕಮಲಾಪುರ, ಡಬ್ಲ್ಯೂ.ಎಂ. ಕಾಹಪುರಿ ಇದ್ದರು.
ಸಾಹಿತ್ಯ ಸಮ್ಮೇಳನದಲ್ಲಿ ಮಹಿಳೆಯರ
ಪಾಲ್ಗೊಳ್ಳುವಿಕೆ ಹೆಚ್ಚಲಿ
ಹಾರೂಗೇರಿ: ಹಾರೂಗೇರಿಯಲ್ಲಿ ನಡೆಯುತ್ತಿರುವ ಬೆಳಗಾವಿ ಜಿಲ್ಲಾ 17ನೇ ಕನ್ನಡ ಸಾಹಿತ್ಯ ಸಮ್ಮೇಳನದಲ್ಲಿ ಜಿಲ್ಲೆಯ ಎಲ್ಲ ಮಹಿಳೆಯರು ಪಾಲ್ಗೊಂಡು, ಕನ್ನಡ ನಾಡು-ನುಡಿ, ಸಂಸ್ಕೃತಿ ಪರಂಪರೆಯನ್ನು ಉಳಿಸಿ, ಬೆಳೆಸಬೇಕೆಂದು ಮಹಿಳಾ ಜಾಗೃತಿ ಮತ್ತು ರಕ್ಷಣಾ ಸಂಘದ ಅಧ್ಯಕ್ಷೆ ಕರೆ ನೀಡಿದರು. ಪುರಸಭೆ ಸಭಾಭವನದಲ್ಲಿ ರಾಯಬಾಗ ತಾಲೂಕು ಮಹಿಳಾ ಕನ್ನಡ ಮತ್ತು ಮಹಿಳಾ ಜಾಗೃತಿ ವೇದಿಕೆ ಆಶ್ರಯದಲ್ಲಿ ನಡೆದ ಸಮ್ಮೇಳನದ ಪೂರ್ವಭಾವಿ ಸಭೆಯಲ್ಲಿ ಅವರು ಮಾತನಾಡಿದರು.
ಸಾಹಿತ್ಯ, ಸಾಂಸ್ಕೃತಿಕ ಪ್ರೇಮ ಜಾಗೃತಗೊಳಿಸುತ್ತಿದ್ದು, ಮನೆಗಳಲ್ಲಿ ಕನ್ನಡ ಸಾಹಿತ್ಯದ ಚಿಂತನೆ ಬೆಳೆಯಲು ಮತ್ತು ಸಾಮಾಜಿಕ ಸ್ವಾಸ್ಥ್ಯ ಕಾಪಾಡಲು ಸಾಹಿತ್ಯ ಸಮ್ಮೇಳನಗಳಲ್ಲಿ ಪಾಲ್ಗೊಳ್ಳುವಿಕೆ ಅತ್ಯಗತ್ಯವಾಗಿದೆ. ಜಿಲ್ಲೆಯ ಎಲ್ಲ ಮಹಿಳೆಯರು, ಯುವತಿಯರು ಹಾಗೂ ಮಕ್ಕಳು ಸಾಹಿತ್ಯ ಸಮ್ಮೇಳನಕ್ಕೆ ಆಗಮಿಸಬೇಕು,'' ಎಂದರು. ರಾಯಬಾಗ ತಾಲೂಕು ಮಹಿಳಾ ಕವಿ ವೇದಿಕೆ ಅಧ್ಯಕ್ಷೆ ಅನಸೂಯಾ ಮಂಳವಾದ ಮಾತನಾಡಿ, ''ನಮ್ಮ ಮಕ್ಕಳಲ್ಲಿ ಭಾಷಾಭಿಮಾನ ಮೂಡಿಸಲು ಮನೆಗಳಲ್ಲಿ ಕನ್ನಡ ಸಾಹಿತ್ಯ ಕ್ರಾಂತಿಯಾಗಬೇಕಿದೆ. ಕನ್ನಡ ಭಾಷೆ, ಸಾಹಿತ್ಯ ಉಳಿಯಲು ಪ್ರತಿಯೊಬ್ಬರೂ ಕಂಕಣಬದ್ಧರಾಗಿ ಕಾರ್ಯನಿರ್ವಹಿಸಬೇಕಿದೆ,'' ಎಂದರು.
ಕರ್ನಾಟಕ ಗ್ರಾಮೀಣ ಬ್ಯಾಂಕ್
KARNATAKA GRAMEENA BANK
Scheduled Bank owned by Government
Head Office : Ballari	ಪ್ರಧಾನ ಕಚೇರಿ, ಬಳ್ಳಾರಿ
ಕಟ್ಟಡ ಬೇಕಾಗಿದೆ
ಸರ್ಕಾರಿ ಸ್ವಾಮಿತ್ವಕ್ಕೆ ಒಳಪಟ್ಟಿರುವ ಕರ್ನಾಟಕ ಗ್ರಾಮೀಣ ಬ್ಯಾಂಕಿನ ಗೋಕಾಕ ಪ್ರಾದೇಶಿಕ ಕಚೇರಿಯ ಬಳಕೆಗಾಗಿ ಶಾಖೆಯನ್ನು ಅದೇ ಸರಹದ್ದಿನಲ್ಲಿ ನೂತನ ಕಟ್ಟಡಕ್ಕೆ ಸ್ಥಳಾಂತರಿಸಬೇಕಾಗಿರುವ ಹಿನ್ನೆಲೆಯಲ್ಲಿ ಕನಿಷ್ಠ 1000 ಚದರ ಅಡಿ ವಿಸ್ತೀರ್ಣದ ವಾಣಿಜ್ಯ ಕಟ್ಟಡ ಅದೇ ವ್ಯಾಪ್ತಿಯಲ್ಲಿ ಬಾಡಿಗೆ ಆಧಾರದ ಮೇಲೆ ಬೇಕಾಗಿದೆ. ನೆಲಮಹಡಿಯಲ್ಲಿನ (Ground floor) ಕಟ್ಟಡಕ್ಕೆ ಆದ್ಯತೆ ಮತ್ತು ಅದರಲ್ಲಿಯೇ ಸ್ಟ್ರಾಂಗ್ ರೂಮ್ (ಸುಮಾರು 100 ಚದರ ಅಡಿ) ಕಟ್ಟಬೇಕು ಹಾಗೂ ಕಟ್ಟಡಕ್ಕೆ ವಿದ್ಯುತ್, ಪ್ರತ್ಯೇಕ ಮೀಟರ್, 2 ಪ್ರತ್ಯೇಕ ಶೌಚಾಲಯ, 24 ಗಂಟೆ ನೀರಿನ ವ್ಯವಸ್ಥೆ ಇರಬೇಕು. ಆಸಕ್ತ ಕಟ್ಟಡದ ಮಾಲೀಕರು ತಮ್ಮ ಕಟ್ಟಡದ ಪೂರ್ಣ ಮಾಹಿತಿ ಹಾಗೂ ಬಯಸುವ ಬಾಡಿಗೆಯ ವಿವರಗಳೊಂದಿಗೆ ಗೋಕಾಕ ಪ್ರಾದೇಶಿಕ ಕಚೇರಿಯನ್ನು ಸಂಪರ್ಕಿಸಿ ಅರ್ಜಿ ಸಲ್ಲಿಸಬಹುದು. ಯಾವುದೇ ಅರ್ಜಿಯನ್ನು ಸ್ವೀಕರಿಸುವ ಅಥವಾ ತಿರಸ್ಕರಿಸುವ ಹಕ್ಕನ್ನು ಬ್ಯಾಂಕು ಕಾಯ್ದಿರಿಸಿಕೊಂಡಿದ್ದು, ಬ್ಯಾಂಕಿನ ನಿರ್ಣಯವೇ ಅಂತಿಮ.
ಅರ್ಜಿ ಸಲ್ಲಿಸಲು ಕೊನೆಯ ದಿನಾಂಕ : 16-01-2026.
ಪ್ರಾದೇಶಿಕ ಕಚೇರಿಯ ವಿಳಾಸ :
ಪ್ರಾದೇಶಿಕ ವ್ಯವಸ್ಥಾಪಕರು, ಕರ್ನಾಟಕ ಗ್ರಾಮೀಣ ಬ್ಯಾಂಕ್,
ಪ್ರಾದೇಶಿಕ ಕಚೇರಿ, ಗೋಕಾಕ
ಮೊಬೈಲ್ : 9108699800	ಪ್ರಾದೇಶಿಕ ವ್ಯವಸ್ಥಾಪಕರು
ದಿ ಭಾಗ್ಯತಿ ಕೋ-ಆಪ್ ಬ್ಯಾಂಕ್ ನಿ., ಬೆಳಗಾವಿ ತಾ.ಜಿ. ಬೆಳಗಾವಿ
ಸಹಕಾರ ಬ್ಯಾಂಕಿನ ಆಡಳಿತ ಮಂಡಳಿ ಸಾಮಾನ್ಯ ಚುನಾವಣಾ-2026ರ ವೇಳಾ ಪಟ್ಟಿಯ ಪ್ರಕಟಣೆ
ದಿ ಭಾಗ್ಯತಿ ಕೋ-ಆಪ್ ಬ್ಯಾಂಕ್ ನಿ., ಬೆಳಗಾವಿ ಇದರ ಆಡಳಿತ ಮಂಡಳಿಯ ಸದಸ್ಯರ ಚುನಾವಣೆಯನ್ನು ಕರ್ನಾಟಕ ಸಹಕಾರ ಸಂಘಗಳ ಕಾಯ್ದೆ 1959 ಹಾಗೂ ನಿಯಮಗಳು 1960ರ ನಿಯಮ 14ರ ಮೇರೆಗೆ ಹಾಗೂ ಸಹಕಾರ ಸಂಘಗಳ ಸಂಯುಕ್ತ ನಿಬಂಧಕರು ಬೆಳಗಾವಿ ಹಾಗೂ ತಾಲೂಕಾ ಮಟ್ಟದ ಮತ್ತು ಜಿಲ್ಲಾ ಮಟ್ಟದ ಸಹಕಾರಿ ಚುನಾವಣಾ ಪ್ರಾಧಿಕಾರದ ಆದೇಶ ಸಂ. ಜೆಆರ್‌ಎಸ್/ಎ/ಸಿಇಸಿ/ಡಿಬಿಎಸ್/ಚುನಾವಣೆ-42/2025-26 ದಿ. 26/07/2025ರ ಅಧಿಕಾರದ ಮೇರೆಗೆ ಚುನಾವಣಾ ಪ್ರಕ್ರಿಯೆಯ ಈ ಕೆಳಗಿನಂತೆ ಚುನಾವಣಾ ವೇಳಾಪಟ್ಟಿಯನ್ನು ಪ್ರಕಟಿಸಲಾಗಿದೆ.
ಅಭ್ಯರ್ಥಿಗಳ ಸ್ಥಾನಗಳು: 1) ಸಾಮಾನ್ಯ ಮೀಸಲು ಸ್ಥಾನ-07, 2) ಮಹಿಳಾ ಮೀಸಲು ಸ್ಥಾನ-02, 3) ಹಿಂದುಳಿದ 'ಅ' ವರ್ಗ ಮೀಸಲು ಸ್ಥಾನ-01, 4) ಹಿಂದುಳಿದ 'ಬ' ವರ್ಗ ಮೀಸಲು ಸ್ಥಾನ-01, 5) ಪರಿಶಿಷ್ಟ ಜಾತಿ ಹಾಗೂ ಪರಿಶಿಷ್ಟ ಪಂಗಡ ಮೀಸಲು ಸ್ಥಾನ-01, 6) ಪರಿಶಿಷ್ಟ ಪಂಗಡ ಮೀಸಲು ಸ್ಥಾನ-01, ಅಭ್ಯರ್ಥಿಗಳಿಗೆ ಒಟ್ಟು - 13 ಸ್ಥಾನಗಳಿಗೆ.
ಕ್ರಸಂ	ನಿಯಮ	ವಿವರ	ದಿನಾಂಕ	ಸ್ಥಳ, ಸಮಯ
1	14(ಎ)	ಉಮೇದುವಾರಿಕೆ ನಾಮಪತ್ರ ಸಲ್ಲಿಸುವ ದಿನಾಂಕ	11-01-2026 ರಿಂದ 17-01-2026	ಬ್ಯಾಂಕಿನ ಕೇಂದ್ರ ಕಚೇರಿಯಲ್ಲಿ ನಿಯೋಜಿತ ಅಧಿಕಾರಿಗಳ ಎದುರು ಬೆಳಗ್ಗೆ 10.00 ರಿಂದ ಮಧ್ಯಾಹ್ನ 3.00 ರವರೆಗೆ
2	14(ಬಿ)	ನಾಮಪತ್ರಗಳ ಪರಿಶೀಲನೆ	18-01-2026	ಬೆಳಗ್ಗೆ 11.00 ಕ್ಕೆ ಬ್ಯಾಂಕಿನ ಕೇಂದ್ರ ಕಚೇರಿಯಲ್ಲಿ
3	14(ಸಿ)	ನಾಮಪತ್ರ ಹಿಂತೆಗೆದುಕೊಳ್ಳುವ ದಿನಾಂಕ	19-01-2026	ಬ್ಯಾಂಕಿನ ಕೇಂದ್ರ ಕಚೇರಿಯಲ್ಲಿ ಮಧ್ಯಾಹ್ನ 3.00 ರೊಳಗೆ
4	14(ಡಿ)	ಉಮೇದುವಾರರ ಅಂತಿಮ ಪಟ್ಟಿ ಪ್ರಕಟಿಸುವುದು	21-01-2026	ಮಧ್ಯಾಹ್ನ 3.00 ಕ್ಕೆ ಬ್ಯಾಂಕಿನ ಕೇಂದ್ರ ಕಚೇರಿಯಲ್ಲಿ
5	14(ಇ) 14(ಎಫ್)	ಚುನಾವಣೆ, ಮತದಾನ ಮತ್ತು ಫಲಿತಾಂಶ ಪ್ರಕಟಣೆ	25-01-2026	ಬೆಳಗ್ಗೆ 9.00 ರಿಂದ ಸಂಜೆ 4.00 ರವರೆಗೆ ಬ್ಯಾಂಕಿನ ಆಡಳಿತ ಕಚೇರಿ (ಸೆಂಟ್ರಲ್ ಹೈಸ್ಕೂಲ್ ಹತ್ತಿರ ಬೆಳಗಾವಿ)
ದಿನಾಂಕ: 08/01/2026	ಸಹಿ/- (ಜವಳಗಿ ಕೆ.) ಚುನಾವಣಾ ಅಧಿಕಾರಿ
ಸ್ಥಳ: ಬೆಳಗಾವಿ	ದಿ ಭಾಗ್ಯತಿ ಕೋ-ಆಪ್ ಬ್ಯಾಂಕ್ ನಿ., ಬೆಳಗಾವಿ ತಾ.ಜಿ. ಬೆಳಗಾವಿ ಹಾಗೂ
ಸಹಕಾರ ಸಂಘಗಳ ಸಹಾಯಕ ನಿಬಂಧಕರು ಬೆಳಗಾವಿ
ಸೂಚನೆಗಳು:
1) ಹಿಂದುಳಿದ 'ಅ' ವರ್ಗ, ಹಿಂದುಳಿದ 'ಬ' ವರ್ಗ, ಪರಿಶಿಷ್ಟ ಜಾತಿ ಹಾಗೂ ಪರಿಶಿಷ್ಟ ಪಂಗಡದ ಅಭ್ಯರ್ಥಿಗಳು ಸಕ್ಷಮ ಪ್ರಾಧಿಕಾರದಿಂದ ಪಡೆದ ಜಾತಿ ಪ್ರಮಾಣ ಪತ್ರವನ್ನು ನಾಮಪತ್ರಕ್ಕೆ ಲಗತ್ತಿಸಬೇಕು.
2) ಚುನಾವಣೆಯಲ್ಲಿ ಸಂಘದ ಅಭ್ಯರ್ಥಿ ಗುರುತಿನ ಚೀಟಿಯನ್ನು ಚುನಾವಣಾ ದಿನಾಂಕಕ್ಕೂ 2 ದಿನ ಮೊದಲು ಸಂಘದಿಂದ ಪಡೆಯಬೇಕು. ಸಂಘದ ಗುರುತಿನ ಚೀಟಿ ಇಲ್ಲದ ಹೊರತು ಮತದಾನಕ್ಕೆ ಅವಕಾಶವಿಲ್ಲ.
3) ಚುನಾವಣೆ ನಡೆಯುವ ದಿನಾಂಕಕ್ಕೆ 12 ತಿಂಗಳ ಒಳಗೆ ಸದಸ್ಯರಾದವರಿಗೆ ಮತದಾನದ ಹಕ್ಕು ಇರುವುದಿಲ್ಲ.
